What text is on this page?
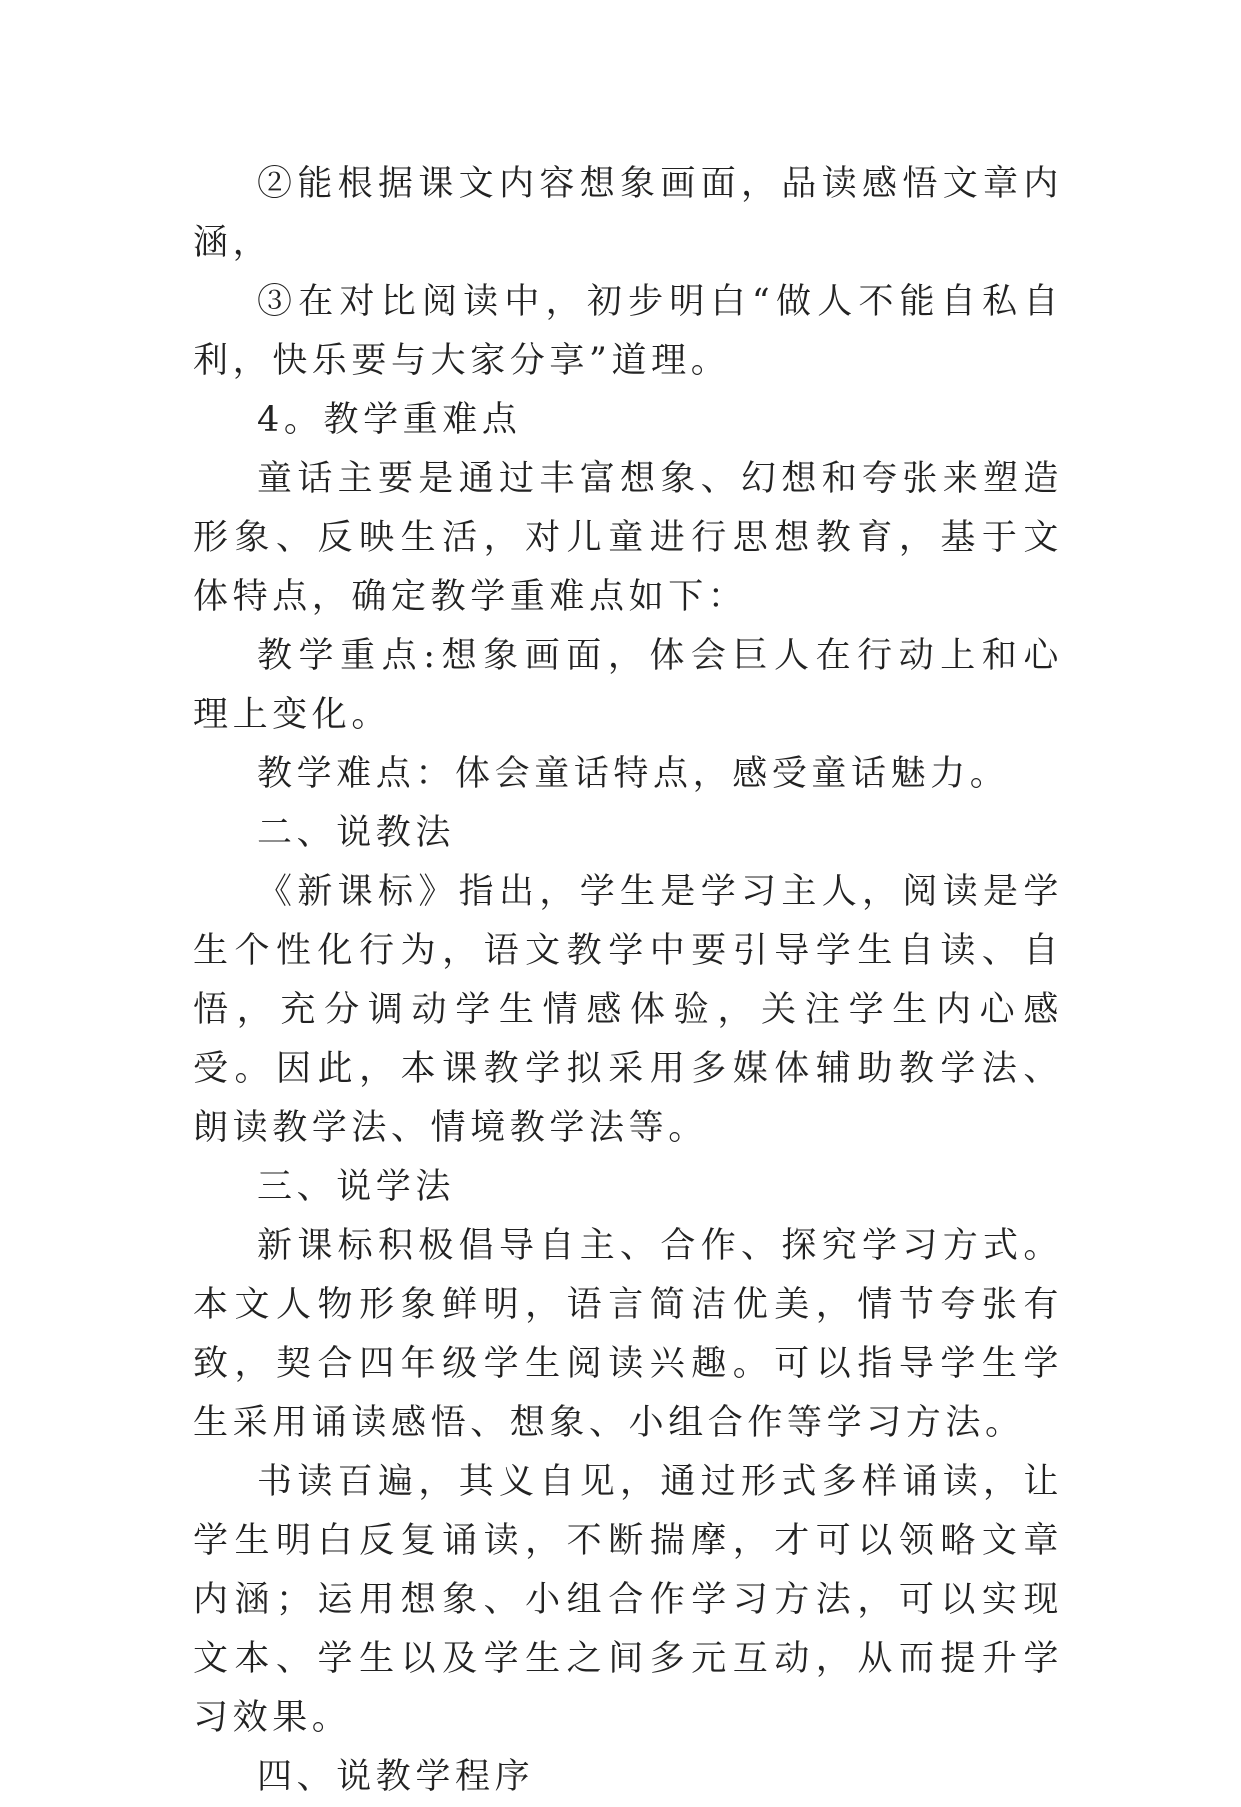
②能根据课文内容想象画面，品读感悟文章内涵，

③在对比阅读中，初步明白“做人不能自私自利，快乐要与大家分享”道理。

4。教学重难点

童话主要是通过丰富想象、幻想和夸张来塑造形象、反映生活，对儿童进行思想教育，基于文体特点，确定教学重难点如下：

教学重点:想象画面，体会巨人在行动上和心理上变化。

教学难点：体会童话特点，感受童话魅力。

二、说教法

《新课标》指出，学生是学习主人，阅读是学生个性化行为，语文教学中要引导学生自读、自悟，充分调动学生情感体验，关注学生内心感受。因此，本课教学拟采用多媒体辅助教学法、朗读教学法、情境教学法等。

三、说学法

新课标积极倡导自主、合作、探究学习方式。本文人物形象鲜明，语言简洁优美，情节夸张有致，契合四年级学生阅读兴趣。可以指导学生学生采用诵读感悟、想象、小组合作等学习方法。

书读百遍，其义自见，通过形式多样诵读，让学生明白反复诵读，不断揣摩，才可以领略文章内涵；运用想象、小组合作学习方法，可以实现文本、学生以及学生之间多元互动，从而提升学习效果。

四、说教学程序
